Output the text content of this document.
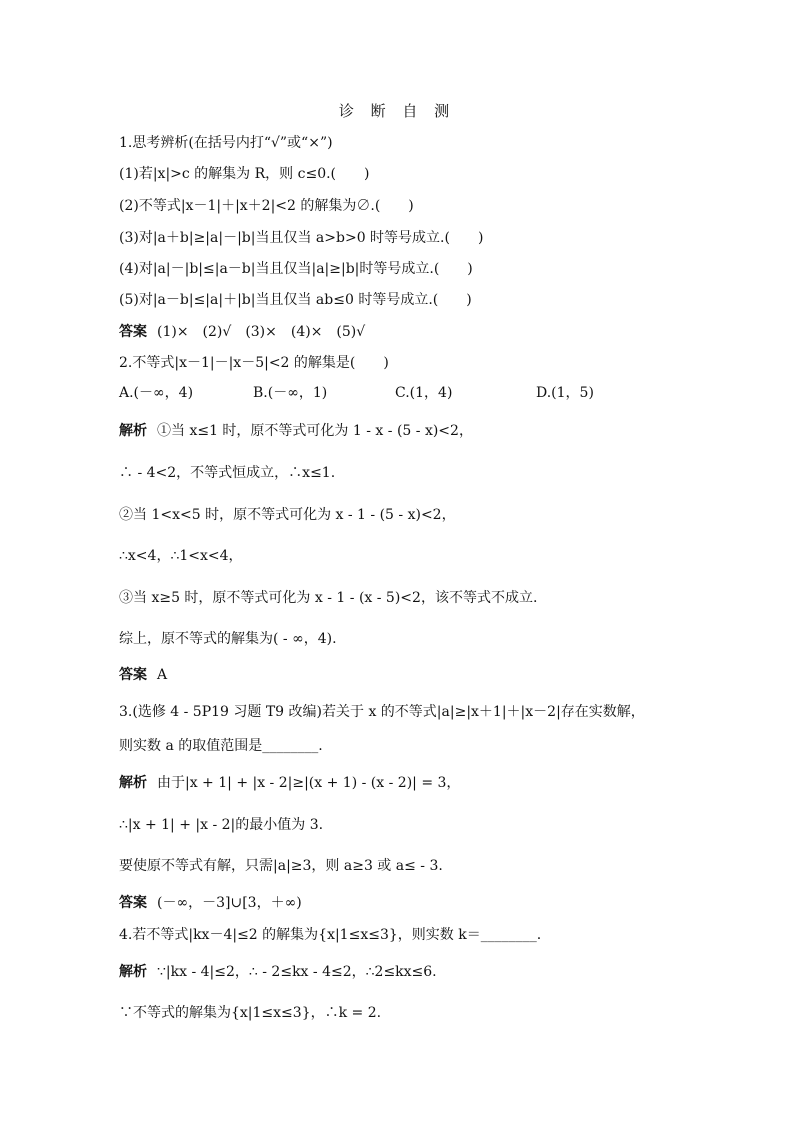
诊 断 自 测
1.思考辨析(在括号内打“√”或“×”)
(1)若|x|>c 的解集为 R，则 c≤0.(　　)
(2)不等式|x－1|＋|x＋2|<2 的解集为∅.(　　)
(3)对|a＋b|≥|a|－|b|当且仅当 a>b>0 时等号成立.(　　)
(4)对|a|－|b|≤|a－b|当且仅当|a|≥|b|时等号成立.(　　)
(5)对|a－b|≤|a|＋|b|当且仅当 ab≤0 时等号成立.(　　)
答案 (1)×　(2)√　(3)×　(4)×　(5)√
2.不等式|x－1|－|x－5|<2 的解集是(　　)
A.(－∞，4)	B.(－∞，1)	C.(1，4)	D.(1，5)
解析 ①当 x≤1 时，原不等式可化为 1 - x - (5 - x)<2，
∴ - 4<2，不等式恒成立，∴x≤1.
②当 1<x<5 时，原不等式可化为 x - 1 - (5 - x)<2，
∴x<4，∴1<x<4，
③当 x≥5 时，原不等式可化为 x - 1 - (x - 5)<2，该不等式不成立.
综上，原不等式的解集为( - ∞，4).
答案 A
3.(选修 4 - 5P19 习题 T9 改编)若关于 x 的不等式|a|≥|x＋1|＋|x－2|存在实数解，
则实数 a 的取值范围是________.
解析 由于|x + 1| + |x - 2|≥|(x + 1) - (x - 2)| = 3，
∴|x + 1| + |x - 2|的最小值为 3.
要使原不等式有解，只需|a|≥3，则 a≥3 或 a≤ - 3.
答案 (－∞，－3]∪[3，＋∞)
4.若不等式|kx－4|≤2 的解集为{x|1≤x≤3}，则实数 k＝________.
解析 ∵|kx - 4|≤2，∴ - 2≤kx - 4≤2，∴2≤kx≤6.
∵不等式的解集为{x|1≤x≤3}，∴k = 2.
